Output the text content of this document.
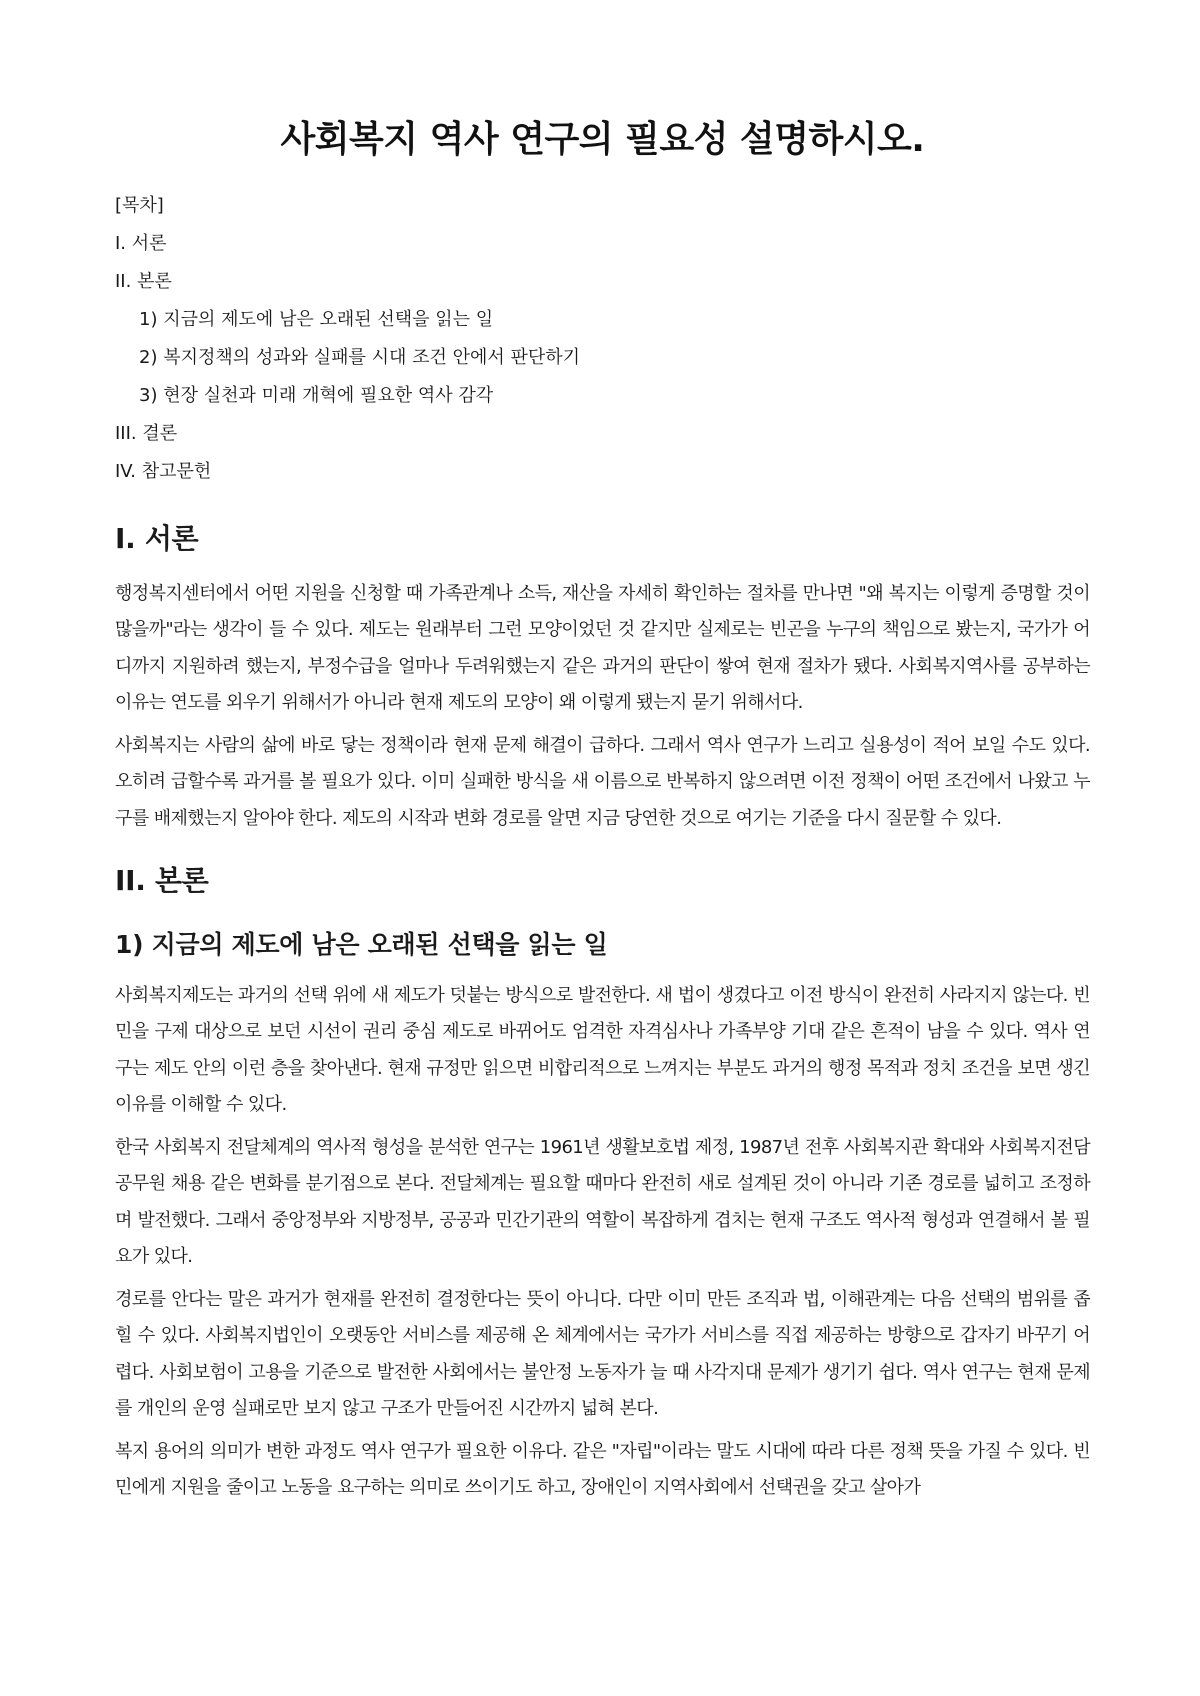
사회복지 역사 연구의 필요성 설명하시오.
[목차]
I. 서론
II. 본론
1) 지금의 제도에 남은 오래된 선택을 읽는 일
2) 복지정책의 성과와 실패를 시대 조건 안에서 판단하기
3) 현장 실천과 미래 개혁에 필요한 역사 감각
III. 결론
IV. 참고문헌
I. 서론

행정복지센터에서 어떤 지원을 신청할 때 가족관계나 소득, 재산을 자세히 확인하는 절차를 만나면 "왜 복지는 이렇게 증명할 것이 많을까"라는 생각이 들 수 있다. 제도는 원래부터 그런 모양이었던 것 같지만 실제로는 빈곤을 누구의 책임으로 봤는지, 국가가 어디까지 지원하려 했는지, 부정수급을 얼마나 두려워했는지 같은 과거의 판단이 쌓여 현재 절차가 됐다. 사회복지역사를 공부하는 이유는 연도를 외우기 위해서가 아니라 현재 제도의 모양이 왜 이렇게 됐는지 묻기 위해서다.

사회복지는 사람의 삶에 바로 닿는 정책이라 현재 문제 해결이 급하다. 그래서 역사 연구가 느리고 실용성이 적어 보일 수도 있다. 오히려 급할수록 과거를 볼 필요가 있다. 이미 실패한 방식을 새 이름으로 반복하지 않으려면 이전 정책이 어떤 조건에서 나왔고 누구를 배제했는지 알아야 한다. 제도의 시작과 변화 경로를 알면 지금 당연한 것으로 여기는 기준을 다시 질문할 수 있다.

II. 본론
1) 지금의 제도에 남은 오래된 선택을 읽는 일

사회복지제도는 과거의 선택 위에 새 제도가 덧붙는 방식으로 발전한다. 새 법이 생겼다고 이전 방식이 완전히 사라지지 않는다. 빈민을 구제 대상으로 보던 시선이 권리 중심 제도로 바뀌어도 엄격한 자격심사나 가족부양 기대 같은 흔적이 남을 수 있다. 역사 연구는 제도 안의 이런 층을 찾아낸다. 현재 규정만 읽으면 비합리적으로 느껴지는 부분도 과거의 행정 목적과 정치 조건을 보면 생긴 이유를 이해할 수 있다.

한국 사회복지 전달체계의 역사적 형성을 분석한 연구는 1961년 생활보호법 제정, 1987년 전후 사회복지관 확대와 사회복지전담공무원 채용 같은 변화를 분기점으로 본다. 전달체계는 필요할 때마다 완전히 새로 설계된 것이 아니라 기존 경로를 넓히고 조정하며 발전했다. 그래서 중앙정부와 지방정부, 공공과 민간기관의 역할이 복잡하게 겹치는 현재 구조도 역사적 형성과 연결해서 볼 필요가 있다.

경로를 안다는 말은 과거가 현재를 완전히 결정한다는 뜻이 아니다. 다만 이미 만든 조직과 법, 이해관계는 다음 선택의 범위를 좁힐 수 있다. 사회복지법인이 오랫동안 서비스를 제공해 온 체계에서는 국가가 서비스를 직접 제공하는 방향으로 갑자기 바꾸기 어렵다. 사회보험이 고용을 기준으로 발전한 사회에서는 불안정 노동자가 늘 때 사각지대 문제가 생기기 쉽다. 역사 연구는 현재 문제를 개인의 운영 실패로만 보지 않고 구조가 만들어진 시간까지 넓혀 본다.

복지 용어의 의미가 변한 과정도 역사 연구가 필요한 이유다. 같은 "자립"이라는 말도 시대에 따라 다른 정책 뜻을 가질 수 있다. 빈민에게 지원을 줄이고 노동을 요구하는 의미로 쓰이기도 하고, 장애인이 지역사회에서 선택권을 갖고 살아가
